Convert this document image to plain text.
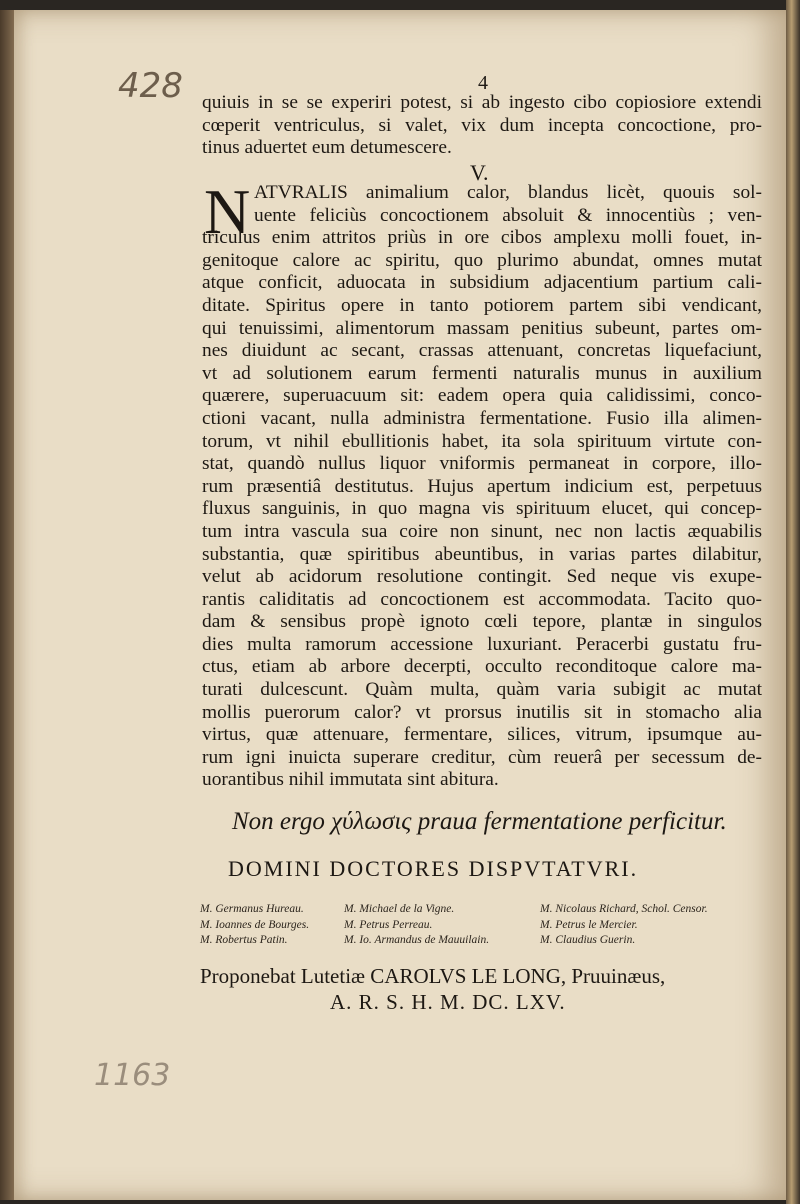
428	4
quiuis in se se experiri potest, si ab ingesto cibo copiosiore extendi
cœperit ventriculus, si valet, vix dum incepta concoctione, pro-
tinus aduertet eum detumescere.
V.
N ATVRALIS animalium calor, blandus licèt, quouis sol-
uente feliciùs concoctionem absoluit & innocentiùs ; ven-
triculus enim attritos priùs in ore cibos amplexu molli fouet, in-
genitoque calore ac spiritu, quo plurimo abundat, omnes mutat
atque conficit, aduocata in subsidium adjacentium partium cali-
ditate. Spiritus opere in tanto potiorem partem sibi vendicant,
qui tenuissimi, alimentorum massam penitius subeunt, partes om-
nes diuidunt ac secant, crassas attenuant, concretas liquefaciunt,
vt ad solutionem earum fermenti naturalis munus in auxilium
quærere, superuacuum sit: eadem opera quia calidissimi, conco-
ctioni vacant, nulla administra fermentatione. Fusio illa alimen-
torum, vt nihil ebullitionis habet, ita sola spirituum virtute con-
stat, quandò nullus liquor vniformis permaneat in corpore, illo-
rum præsentiâ destitutus. Hujus apertum indicium est, perpetuus
fluxus sanguinis, in quo magna vis spirituum elucet, qui concep-
tum intra vascula sua coire non sinunt, nec non lactis æquabilis
substantia, quæ spiritibus abeuntibus, in varias partes dilabitur,
velut ab acidorum resolutione contingit. Sed neque vis exupe-
rantis caliditatis ad concoctionem est accommodata. Tacito quo-
dam & sensibus propè ignoto cœli tepore, plantæ in singulos
dies multa ramorum accessione luxuriant. Peracerbi gustatu fru-
ctus, etiam ab arbore decerpti, occulto reconditoque calore ma-
turati dulcescunt. Quàm multa, quàm varia subigit ac mutat
mollis puerorum calor? vt prorsus inutilis sit in stomacho alia
virtus, quæ attenuare, fermentare, silices, vitrum, ipsumque au-
rum igni inuicta superare creditur, cùm reuerâ per secessum de-
uorantibus nihil immutata sint abitura.
Non ergo χύλωσις praua fermentatione perficitur.
DOMINI DOCTORES DISPVTATVRI.
M. Germanus Hureau.
M. Ioannes de Bourges.
M. Robertus Patin.
M. Michael de la Vigne.
M. Petrus Perreau.
M. Io. Armandus de Mauuilain.
M. Nicolaus Richard, Schol. Censor.
M. Petrus le Mercier.
M. Claudius Guerin.
Proponebat Lutetiæ CAROLVS LE LONG, Pruuinæus,
A. R. S. H. M. DC. LXV.
1163
